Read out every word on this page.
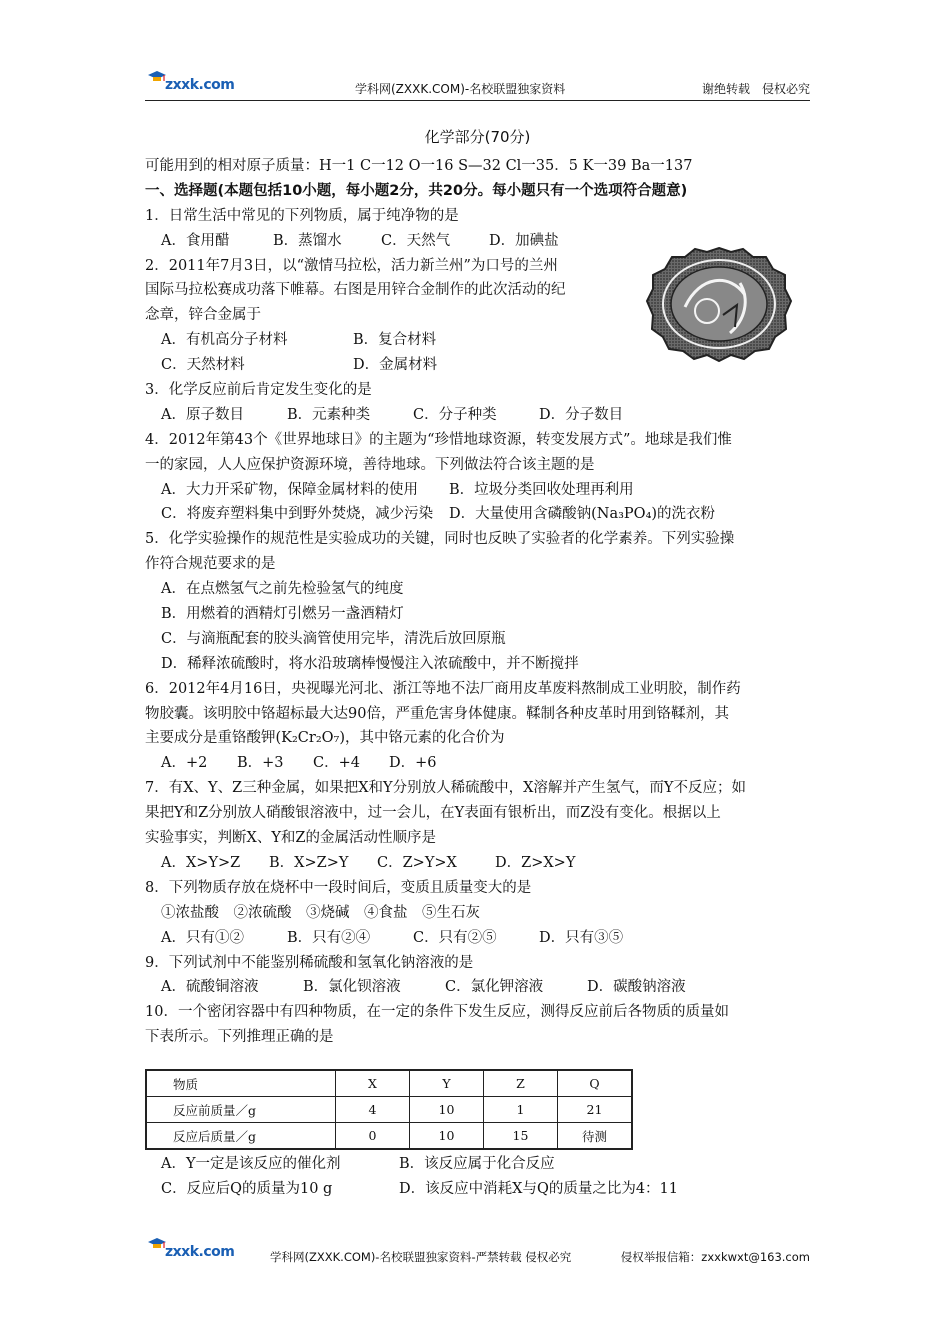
zxxk.com	学科网(ZXXK.COM)-名校联盟独家资料	谢绝转载　侵权必究
化学部分(70分)
可能用到的相对原子质量：H一1 C一12 O一16 S—32 Cl一35．5 K一39 Ba一137
一、选择题(本题包括10小题，每小题2分，共20分。每小题只有一个选项符合题意)
1．日常生活中常见的下列物质，属于纯净物的是
A．食用醋	B．蒸馏水	C．天然气	D．加碘盐
2．2011年7月3日，以“激情马拉松，活力新兰州”为口号的兰州
国际马拉松赛成功落下帷幕。右图是用锌合金制作的此次活动的纪
念章，锌合金属于
A．有机高分子材料	B．复合材料
C．天然材料	D．金属材料
3．化学反应前后肯定发生变化的是
A．原子数目	B．元素种类	C．分子种类	D．分子数目
4．2012年第43个《世界地球日》的主题为“珍惜地球资源，转变发展方式”。地球是我们惟
一的家园，人人应保护资源环境，善待地球。下列做法符合该主题的是
A．大力开采矿物，保障金属材料的使用 B．垃圾分类回收处理再利用
C．将废弃塑料集中到野外焚烧，减少污染 D．大量使用含磷酸钠(Na₃PO₄)的洗衣粉
5．化学实验操作的规范性是实验成功的关键，同时也反映了实验者的化学素养。下列实验操
作符合规范要求的是
A．在点燃氢气之前先检验氢气的纯度
B．用燃着的酒精灯引燃另一盏酒精灯
C．与滴瓶配套的胶头滴管使用完毕，清洗后放回原瓶
D．稀释浓硫酸时，将水沿玻璃棒慢慢注入浓硫酸中，并不断搅拌
6．2012年4月16日，央视曝光河北、浙江等地不法厂商用皮革废料熬制成工业明胶，制作药
物胶囊。该明胶中铬超标最大达90倍，严重危害身体健康。鞣制各种皮革时用到铬鞣剂，其
主要成分是重铬酸钾(K₂Cr₂O₇)，其中铬元素的化合价为
A．+2 B．+3 C．+4 D．+6
7．有X、Y、Z三种金属，如果把X和Y分别放人稀硫酸中，X溶解并产生氢气，而Y不反应；如
果把Y和Z分别放人硝酸银溶液中，过一会儿，在Y表面有银析出，而Z没有变化。根据以上
实验事实，判断X、Y和Z的金属活动性顺序是
A．X>Y>Z B．X>Z>Y C．Z>Y>X	D．Z>X>Y
8．下列物质存放在烧杯中一段时间后，变质且质量变大的是
①浓盐酸　②浓硫酸　③烧碱　④食盐　⑤生石灰
A．只有①②	B．只有②④	C．只有②⑤	D．只有③⑤
9．下列试剂中不能鉴别稀硫酸和氢氧化钠溶液的是
A．硫酸铜溶液	B．氯化钡溶液	C．氯化钾溶液	D．碳酸钠溶液
10．一个密闭容器中有四种物质，在一定的条件下发生反应，测得反应前后各物质的质量如
下表所示。下列推理正确的是
物质	X	Y	Z	Q
反应前质量／g	4	10	1	21
反应后质量／g	0	10	15	待测
A．Y一定是该反应的催化剂	B．该反应属于化合反应
C．反应后Q的质量为10 g	D．该反应中消耗X与Q的质量之比为4：11
zxxk.com	学科网(ZXXK.COM)-名校联盟独家资料-严禁转载 侵权必究	侵权举报信箱：zxxkwxt@163.com
